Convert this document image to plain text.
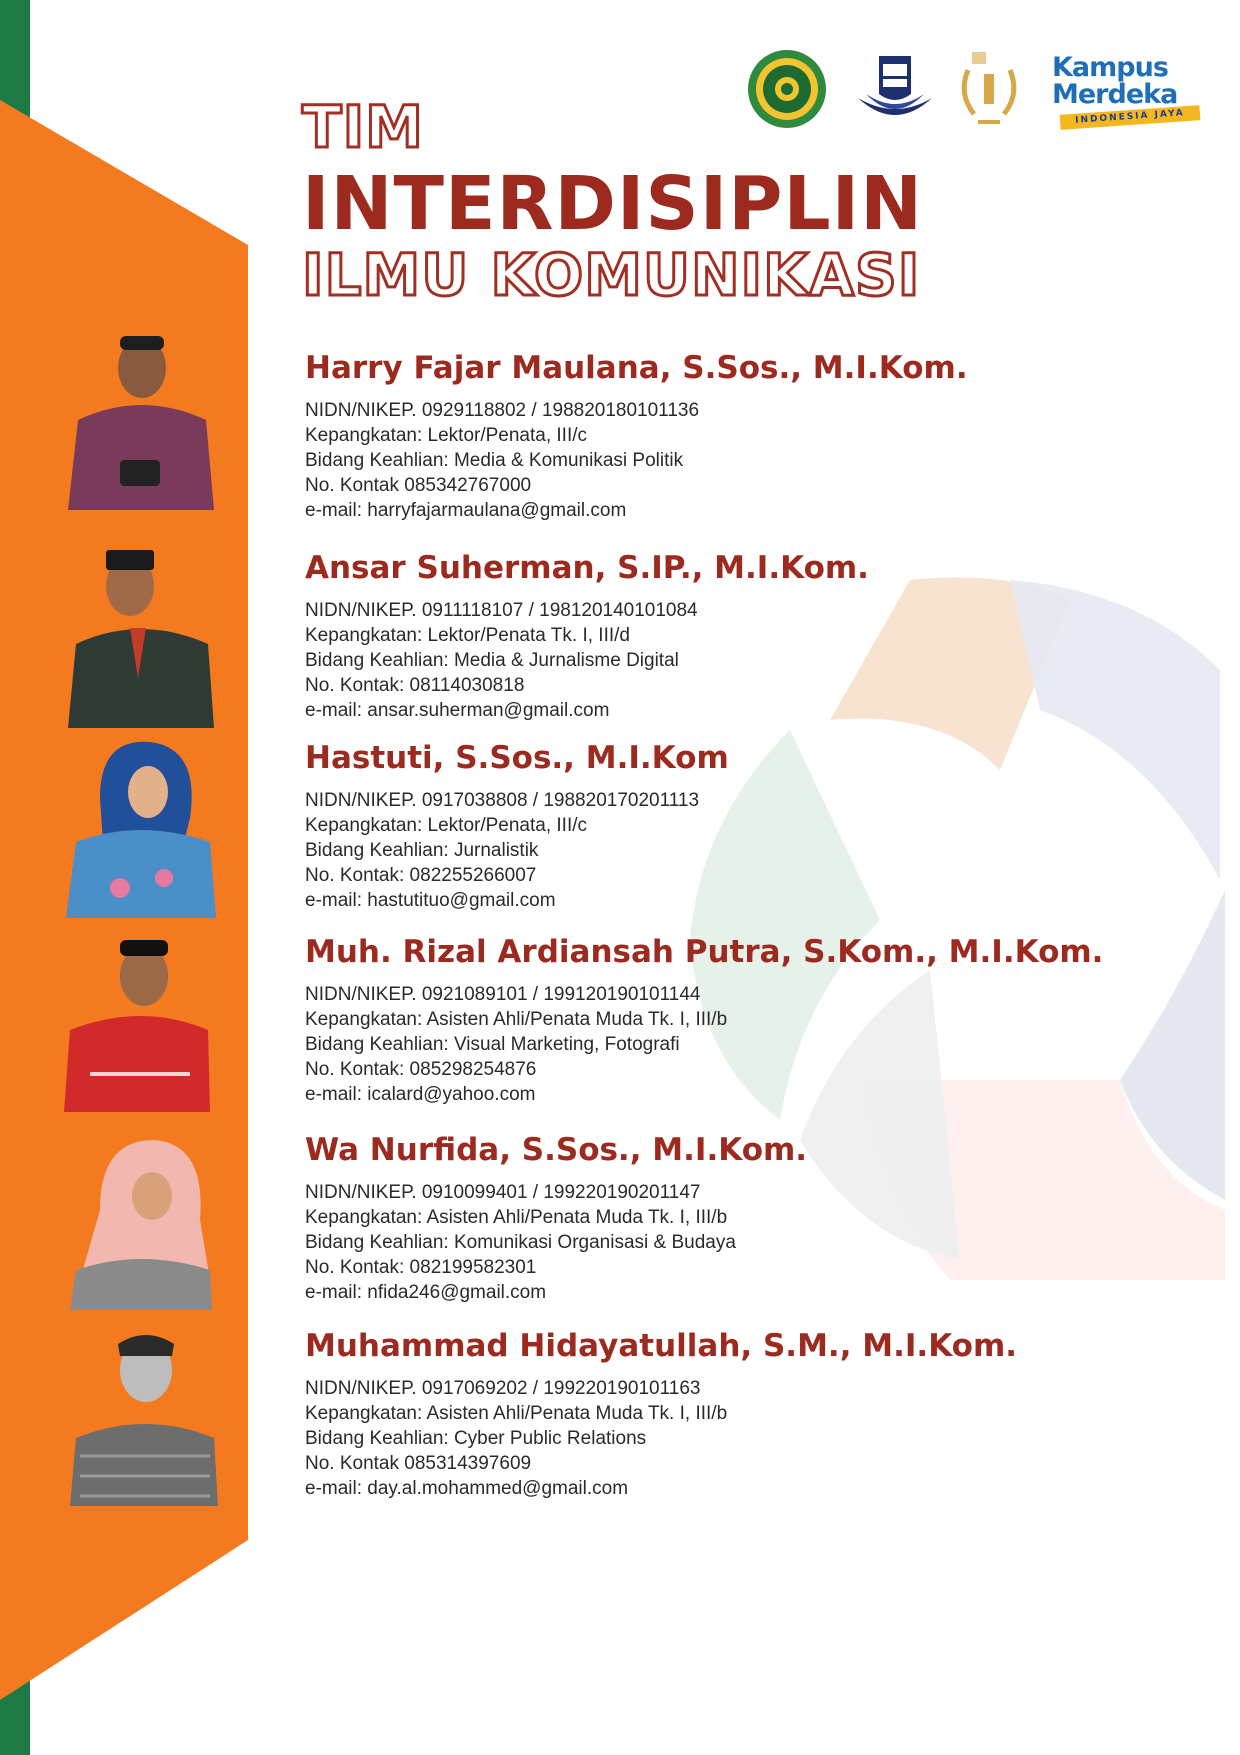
Kampus
Merdeka
INDONESIA JAYA
TIM
INTERDISIPLIN
ILMU KOMUNIKASI
Harry Fajar Maulana, S.Sos., M.I.Kom.

NIDN/NIKEP. 0929118802 / 198820180101136

Kepangkatan: Lektor/Penata, III/c

Bidang Keahlian: Media & Komunikasi Politik

No. Kontak 085342767000

e-mail: harryfajarmaulana@gmail.com

Ansar Suherman, S.IP., M.I.Kom.

NIDN/NIKEP. 0911118107 / 198120140101084

Kepangkatan: Lektor/Penata Tk. I, III/d

Bidang Keahlian: Media & Jurnalisme Digital

No. Kontak: 08114030818

e-mail: ansar.suherman@gmail.com

Hastuti, S.Sos., M.I.Kom

NIDN/NIKEP. 0917038808 / 198820170201113

Kepangkatan: Lektor/Penata, III/c

Bidang Keahlian: Jurnalistik

No. Kontak: 082255266007

e-mail: hastutituo@gmail.com

Muh. Rizal Ardiansah Putra, S.Kom., M.I.Kom.

NIDN/NIKEP. 0921089101 / 199120190101144

Kepangkatan: Asisten Ahli/Penata Muda Tk. I, III/b

Bidang Keahlian: Visual Marketing, Fotografi

No. Kontak: 085298254876

e-mail: icalard@yahoo.com

Wa Nurfida, S.Sos., M.I.Kom.

NIDN/NIKEP. 0910099401 / 199220190201147

Kepangkatan: Asisten Ahli/Penata Muda Tk. I, III/b

Bidang Keahlian: Komunikasi Organisasi & Budaya

No. Kontak: 082199582301

e-mail: nfida246@gmail.com

Muhammad Hidayatullah, S.M., M.I.Kom.

NIDN/NIKEP. 0917069202 / 199220190101163

Kepangkatan: Asisten Ahli/Penata Muda Tk. I, III/b

Bidang Keahlian: Cyber Public Relations

No. Kontak 085314397609

e-mail: day.al.mohammed@gmail.com
